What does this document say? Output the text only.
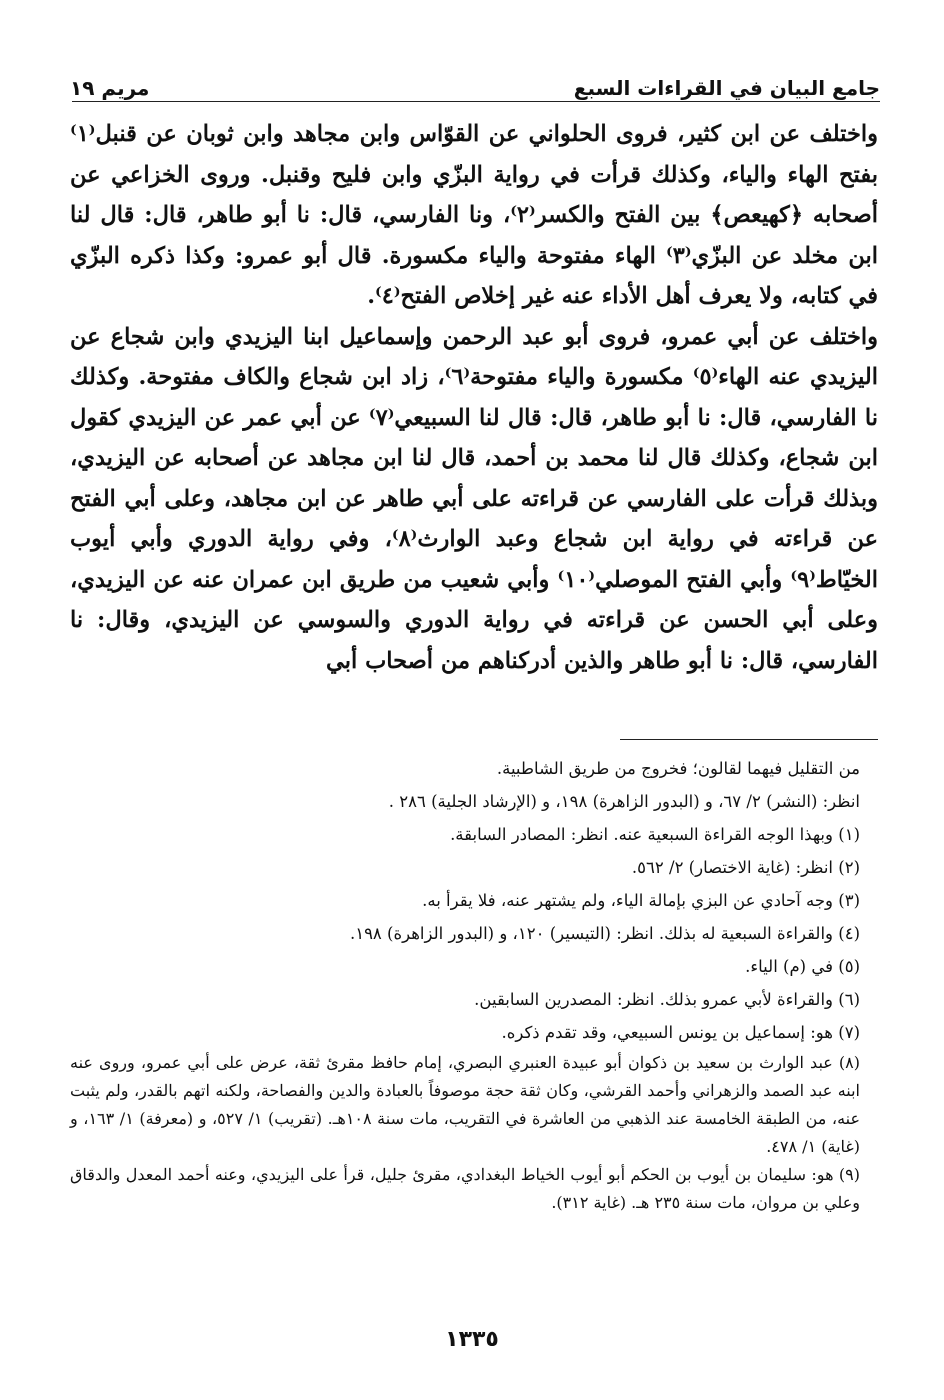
جامع البيان في القراءات السبع
مريم ١٩

واختلف عن ابن كثير، فروى الحلواني عن القوّاس وابن مجاهد وابن ثوبان عن قنبل⁽١⁾ بفتح الهاء والياء، وكذلك قرأت في رواية البزّي وابن فليح وقنبل. وروى الخزاعي عن أصحابه ﴿كهيعص﴾ بين الفتح والكسر⁽٢⁾، ونا الفارسي، قال: نا أبو طاهر، قال: قال لنا ابن مخلد عن البزّي⁽٣⁾ الهاء مفتوحة والياء مكسورة. قال أبو عمرو: وكذا ذكره البزّي في كتابه، ولا يعرف أهل الأداء عنه غير إخلاص الفتح⁽٤⁾.

واختلف عن أبي عمرو، فروى أبو عبد الرحمن وإسماعيل ابنا اليزيدي وابن شجاع عن اليزيدي عنه الهاء⁽٥⁾ مكسورة والياء مفتوحة⁽٦⁾، زاد ابن شجاع والكاف مفتوحة. وكذلك نا الفارسي، قال: نا أبو طاهر، قال: قال لنا السبيعي⁽٧⁾ عن أبي عمر عن اليزيدي كقول ابن شجاع، وكذلك قال لنا محمد بن أحمد، قال لنا ابن مجاهد عن أصحابه عن اليزيدي، وبذلك قرأت على الفارسي عن قراءته على أبي طاهر عن ابن مجاهد، وعلى أبي الفتح عن قراءته في رواية ابن شجاع وعبد الوارث⁽٨⁾، وفي رواية الدوري وأبي أيوب الخيّاط⁽٩⁾ وأبي الفتح الموصلي⁽١٠⁾ وأبي شعيب من طريق ابن عمران عنه عن اليزيدي، وعلى أبي الحسن عن قراءته في رواية الدوري والسوسي عن اليزيدي، وقال: نا الفارسي، قال: نا أبو طاهر والذين أدركناهم من أصحاب أبي

من التقليل فيهما لقالون؛ فخروج من طريق الشاطبية.
انظر: (النشر) ٢/ ٦٧، و (البدور الزاهرة) ١٩٨، و (الإرشاد الجلية) ٢٨٦ .
(١) وبهذا الوجه القراءة السبعية عنه. انظر: المصادر السابقة.
(٢) انظر: (غاية الاختصار) ٢/ ٥٦٢.
(٣) وجه آحادي عن البزي بإمالة الياء، ولم يشتهر عنه، فلا يقرأ به.
(٤) والقراءة السبعية له بذلك. انظر: (التيسير) ١٢٠، و (البدور الزاهرة) ١٩٨.
(٥) في (م) الياء.
(٦) والقراءة لأبي عمرو بذلك. انظر: المصدرين السابقين.
(٧) هو: إسماعيل بن يونس السبيعي، وقد تقدم ذكره.
(٨) عبد الوارث بن سعيد بن ذكوان أبو عبيدة العنبري البصري، إمام حافظ مقرئ ثقة، عرض على أبي عمرو، وروى عنه ابنه عبد الصمد والزهراني وأحمد القرشي، وكان ثقة حجة موصوفاً بالعبادة والدين والفصاحة، ولكنه اتهم بالقدر، ولم يثبت عنه، من الطبقة الخامسة عند الذهبي من العاشرة في التقريب، مات سنة ١٠٨هـ. (تقريب) ١/ ٥٢٧، و (معرفة) ١/ ١٦٣، و (غاية) ١/ ٤٧٨.
(٩) هو: سليمان بن أيوب بن الحكم أبو أيوب الخياط البغدادي، مقرئ جليل، قرأ على اليزيدي، وعنه أحمد المعدل والدقاق وعلي بن مروان، مات سنة ٢٣٥ هـ. (غاية ٣١٢).
١٣٣٥
